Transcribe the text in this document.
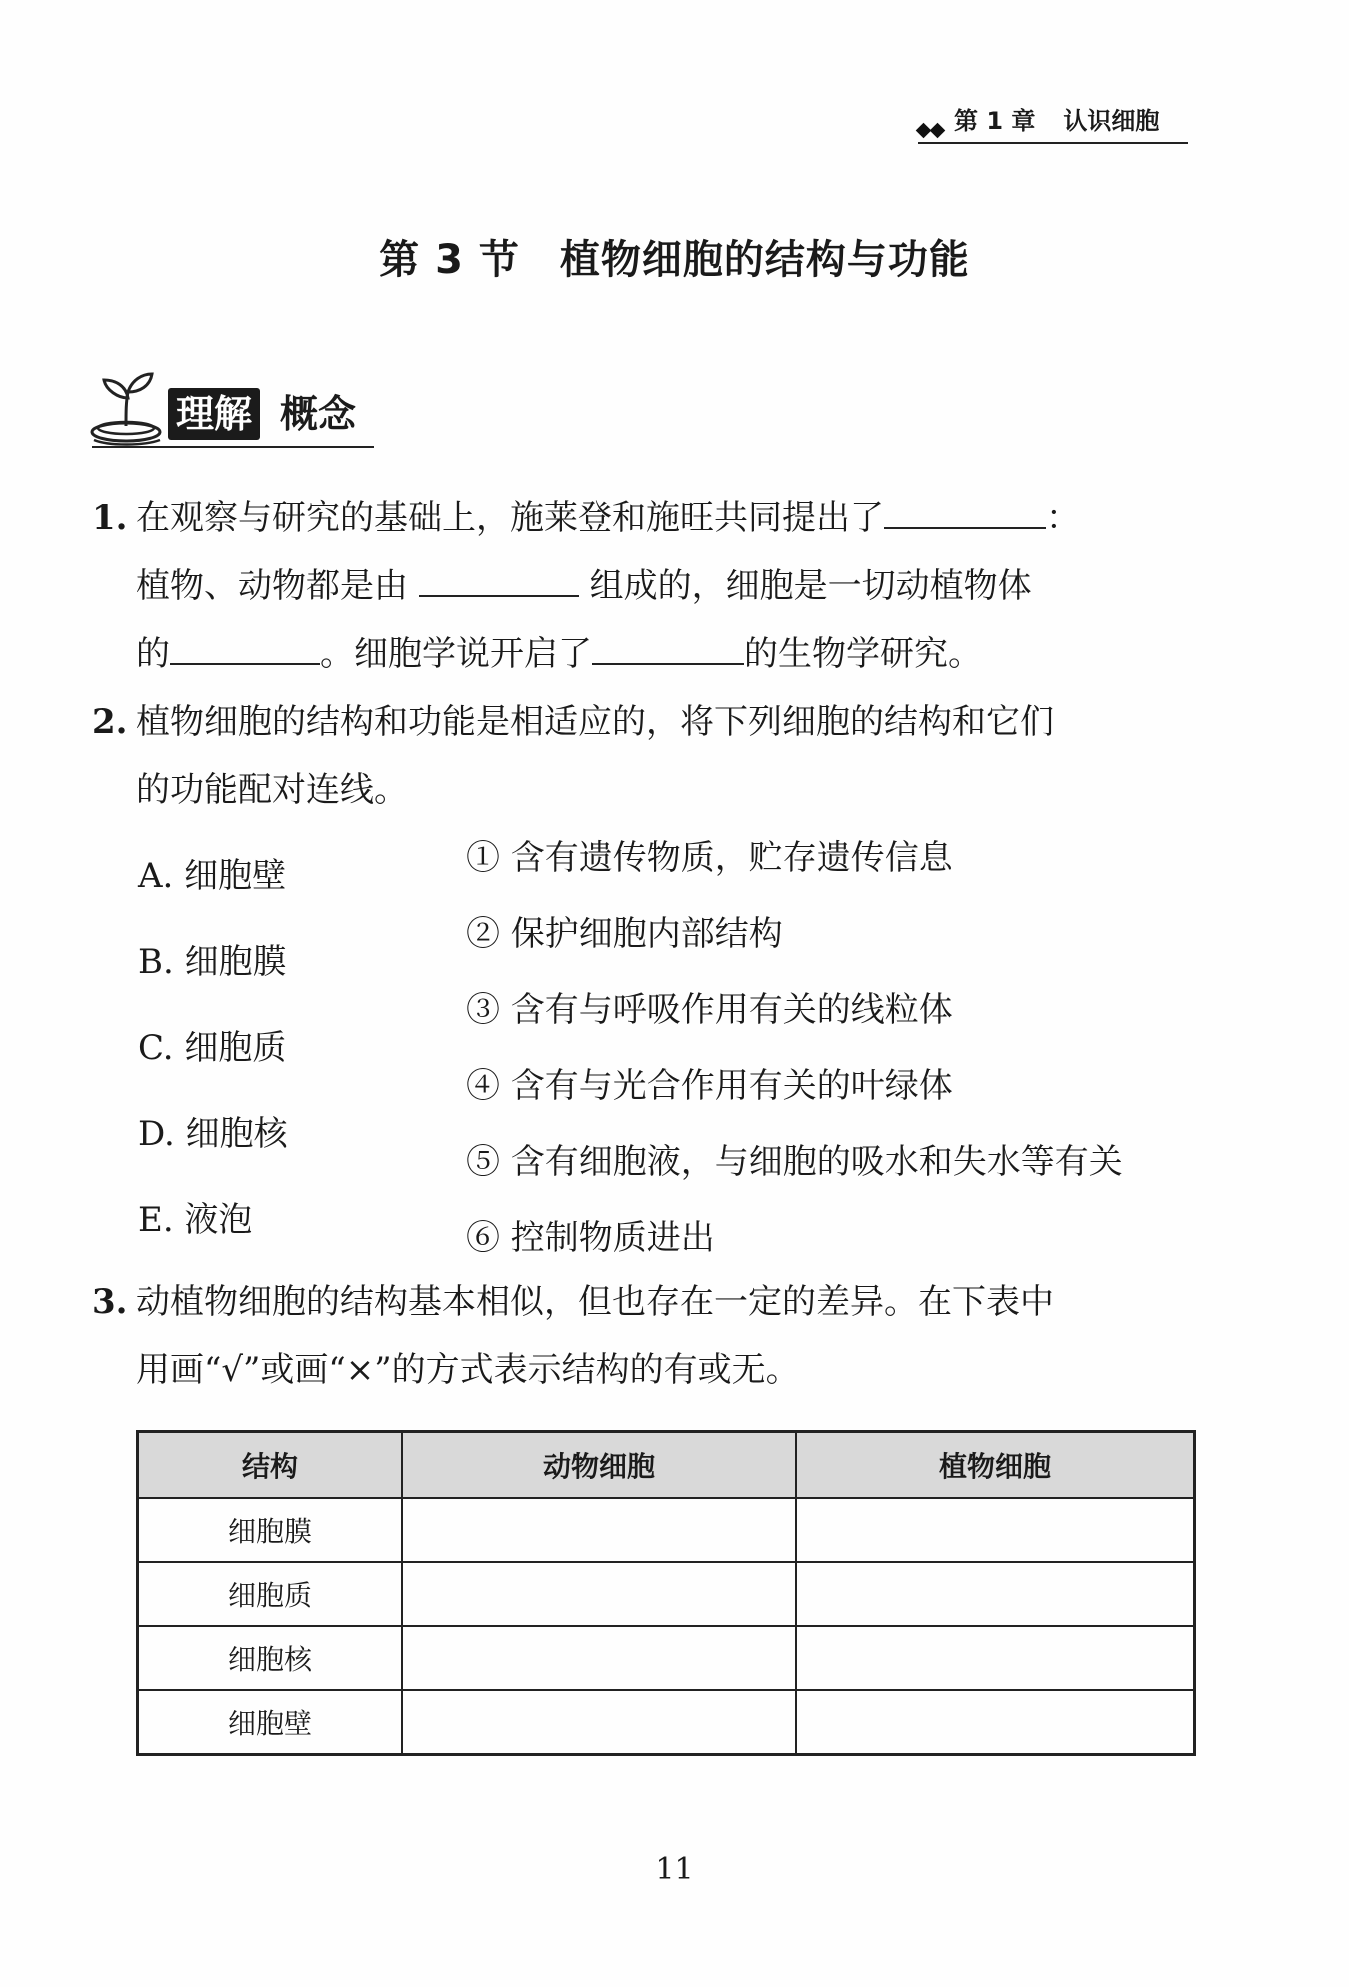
第 1 章 认识细胞
第 3 节 植物细胞的结构与功能
理解 概念
1. 在观察与研究的基础上，施莱登和施旺共同提出了	：
植物、动物都是由	组成的，细胞是一切动植物体
的	。细胞学说开启了	的生物学研究。
2. 植物细胞的结构和功能是相适应的，将下列细胞的结构和它们
的功能配对连线。
A. 细胞壁
B. 细胞膜
C. 细胞质
D. 细胞核
E. 液泡
① 含有遗传物质，贮存遗传信息
② 保护细胞内部结构
③ 含有与呼吸作用有关的线粒体
④ 含有与光合作用有关的叶绿体
⑤ 含有细胞液，与细胞的吸水和失水等有关
⑥ 控制物质进出
3. 动植物细胞的结构基本相似，但也存在一定的差异。在下表中
用画“√”或画“×”的方式表示结构的有或无。
结构	动物细胞	植物细胞
细胞膜		
细胞质		
细胞核		
细胞壁		
11
